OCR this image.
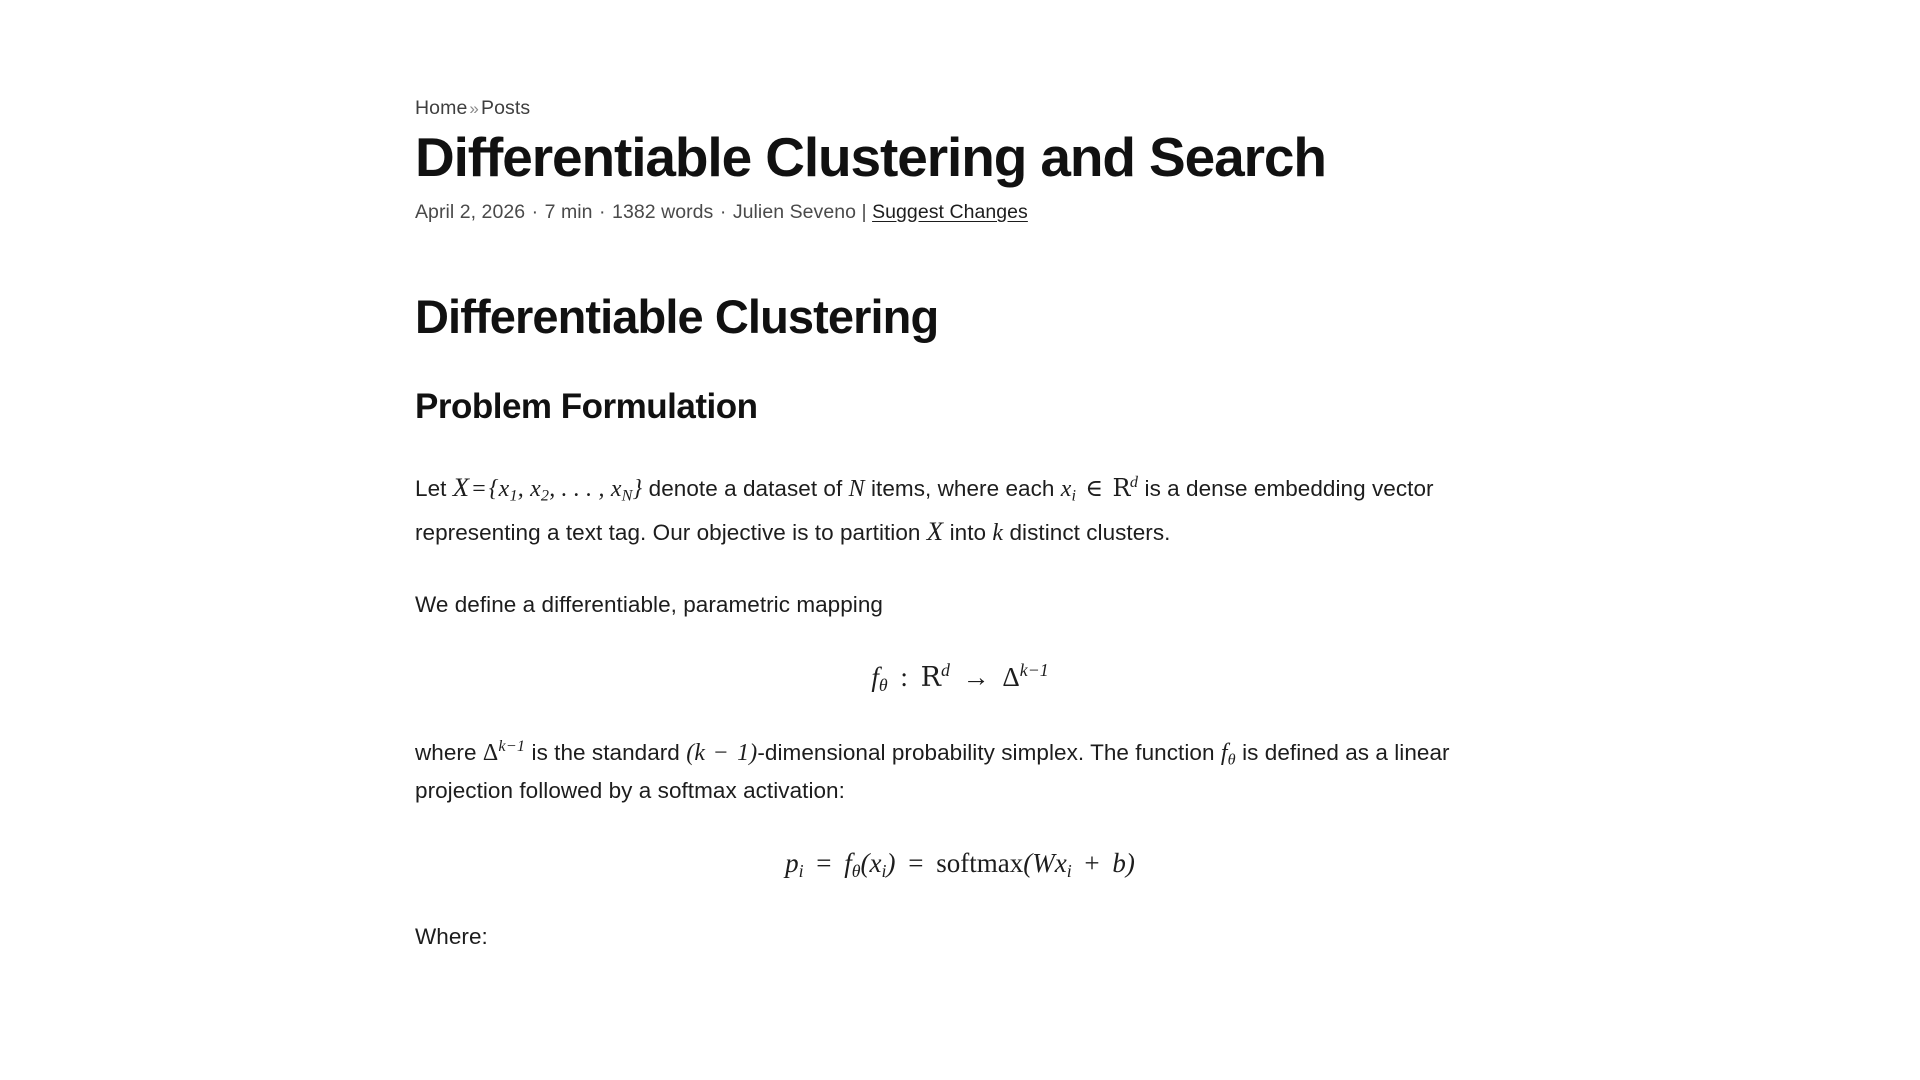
Home » Posts
Differentiable Clustering and Search
April 2, 2026 · 7 min · 1382 words · Julien Seveno | Suggest Changes
Differentiable Clustering
Problem Formulation

Let $X = \{x_1$, $x_2$, . . . , $x_N$} denote a dataset of N items, where each $x_i$ ∈ $R^d$ is a dense embedding vector representing a text tag. Our objective is to partition X into k distinct clusters.

We define a differentiable, parametric mapping

$f_\theta$ : $R^d \to \Delta^{k-1}$

where $\Delta^{k-1}$ is the standard (k − 1)-dimensional probability simplex. The function $f_\theta$ is defined as a linear projection followed by a softmax activation:

$p_i = f_\theta(x_i)$ = $softmax(Wx_i + b)$

Where:
